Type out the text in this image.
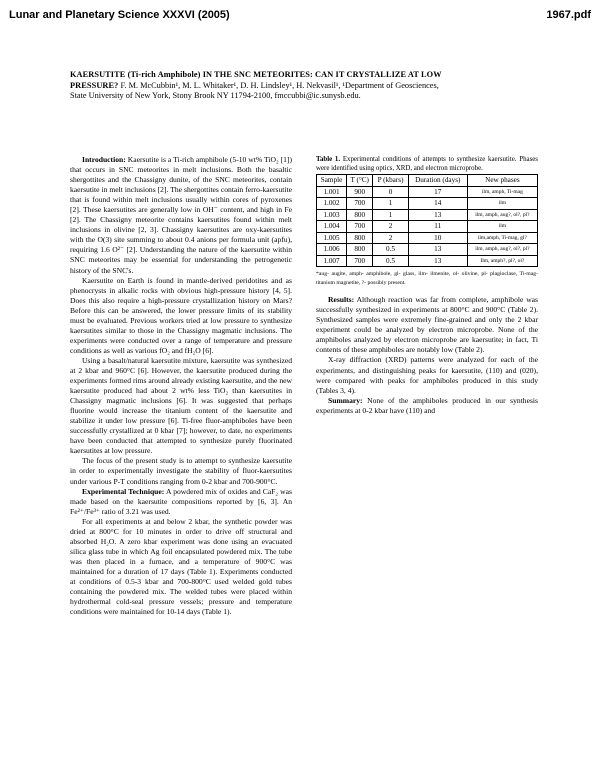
Lunar and Planetary Science XXXVI (2005)	1967.pdf
KAERSUTITE (Ti-rich Amphibole) IN THE SNC METEORITES: CAN IT CRYSTALLIZE AT LOW
PRESSURE? F. M. McCubbin¹, M. L. Whitaker¹, D. H. Lindsley¹, H. Nekvasil¹, ¹Department of Geosciences,
State University of New York, Stony Brook NY 11794-2100, fmccubbi@ic.sunysb.edu.

Introduction: Kaersutite is a Ti-rich amphibole (5-10 wt% TiO₂ [1]) that occurs in SNC meteorites in melt inclusions. Both the basaltic shergottites and the Chassigny dunite, of the SNC meteorites, contain kaersutite in melt inclusions [2]. The shergottites contain ferro-kaersutite that is found within melt inclusions usually within cores of pyroxenes [2]. These kaersutites are generally low in OH⁻ content, and high in Fe [2]. The Chassigny meteorite contains kaersutites found within melt inclusions in olivine [2, 3]. Chassigny kaersutites are oxy-kaersutites with the O(3) site summing to about 0.4 anions per formula unit (apfu), requiring 1.6 O²⁻ [2]. Understanding the nature of the kaersutite within SNC meteorites may be essential for understanding the petrogenetic history of the SNC's.

Kaersutite on Earth is found in mantle-derived peridotites and as phenocrysts in alkalic rocks with obvious high-pressure history [4, 5]. Does this also require a high-pressure crystallization history on Mars? Before this can be answered, the lower pressure limits of its stability must be evaluated. Previous workers tried at low pressure to synthesize kaersutites similar to those in the Chassigny magmatic inclusions. The experiments were conducted over a range of temperature and pressure conditions as well as various fO₂ and fH₂O [6].

Using a basalt/natural kaersutite mixture, kaersutite was synthesized at 2 kbar and 960°C [6]. However, the kaersutite produced during the experiments formed rims around already existing kaersutite, and the new kaersutite produced had about 2 wt% less TiO₂ than kaersutites in Chassigny magmatic inclusions [6]. It was suggested that perhaps fluorine would increase the titanium content of the kaersutite and stabilize it under low pressure [6]. Ti-free fluor-amphiboles have been successfully crystallized at 0 kbar [7]; however, to date, no experiments have been conducted that attempted to synthesize purely fluorinated kaersutites at low pressure.

The focus of the present study is to attempt to synthesize kaersutite in order to experimentally investigate the stability of fluor-kaersutites under various P-T conditions ranging from 0-2 kbar and 700-900°C.

Experimental Technique: A powdered mix of oxides and CaF₂ was made based on the kaersutite compositions reported by [6, 3]. An Fe²⁺/Fe³⁺ ratio of 3.21 was used.

For all experiments at and below 2 kbar, the synthetic powder was dried at 800°C for 10 minutes in order to drive off structural and absorbed H₂O. A zero kbar experiment was done using an evacuated silica glass tube in which Ag foil encapsulated powdered mix. The tube was then placed in a furnace, and a temperature of 900°C was maintained for a duration of 17 days (Table 1). Experiments conducted at conditions of 0.5-3 kbar and 700-800°C used welded gold tubes containing the powdered mix. The welded tubes were placed within hydrothermal cold-seal pressure vessels; pressure and temperature conditions were maintained for 10-14 days (Table 1).

Table 1. Experimental conditions of attempts to synthesize kaersutite. Phases were identified using optics, XRD, and electron microprobe.

Sample	T (°C)	P (kbars)	Duration (days)	New phases
1.001	900	0	17	ilm, amph, Ti-mag
1.002	700	1	14	ilm
1.003	800	1	13	ilm, amph, aug?, ol?, pl?
1.004	700	2	11	ilm
1.005	800	2	10	ilm,amph, Ti-mag, gl?
1.006	800	0.5	13	ilm, amph, aug?, ol?, pl?
1.007	700	0.5	13	Ilm, amph?, pl?, ol?
*aug- augite, amph- amphibole, gl- glass, ilm- ilmenite, ol- olivine, pl- plagioclase, Ti-mag- titanium magnetite, ?- possibly present.

Results: Although reaction was far from complete, amphibole was successfully synthesized in experiments at 800°C and 900°C (Table 2). Synthesized samples were extremely fine-grained and only the 2 kbar experiment could be analyzed by electron microprobe. None of the amphiboles analyzed by electron microprobe are kaersutite; in fact, Ti contents of these amphiboles are notably low (Table 2).

X-ray diffraction (XRD) patterns were analyzed for each of the experiments, and distinguishing peaks for kaersutite, (110) and (020), were compared with peaks for amphiboles produced in this study (Tables 3, 4).

Summary: None of the amphiboles produced in our synthesis experiments at 0-2 kbar have (110) and
